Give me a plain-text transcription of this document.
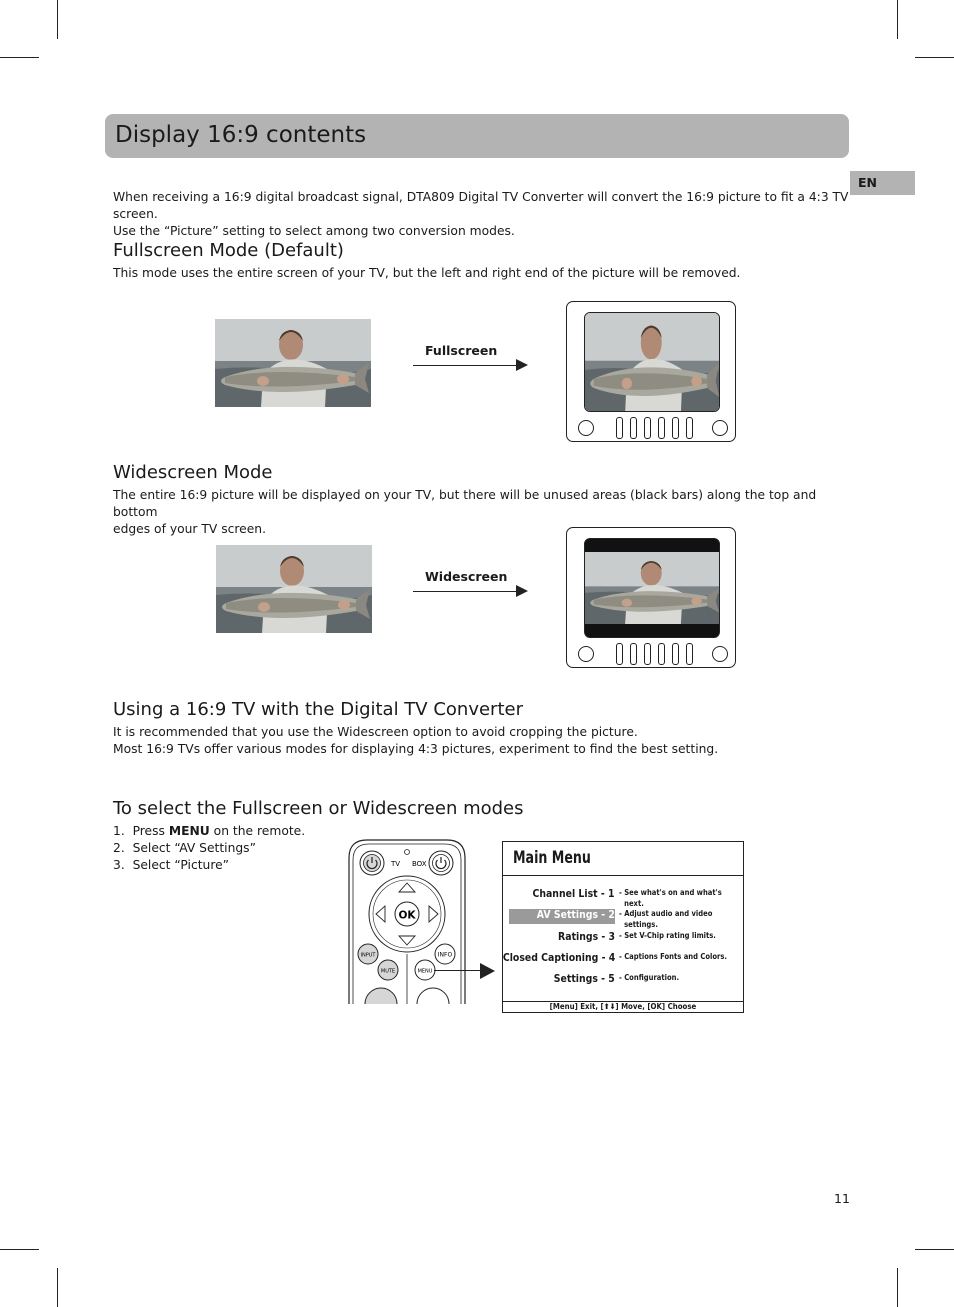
Display 16:9 contents
EN
When receiving a 16:9 digital broadcast signal, DTA809 Digital TV Converter will convert the 16:9 picture to fit a 4:3 TV screen.
Use the “Picture” setting to select among two conversion modes.
Fullscreen Mode (Default)
This mode uses the entire screen of your TV, but the left and right end of the picture will be removed.
Fullscreen
Widescreen Mode
The entire 16:9 picture will be displayed on your TV, but there will be unused areas (black bars) along the top and bottom
edges of your TV screen.
Widescreen
Using a 16:9 TV with the Digital TV Converter
It is recommended that you use the Widescreen option to avoid cropping the picture.
Most 16:9 TVs offer various modes for displaying 4:3 pictures, experiment to find the best setting.
To select the Fullscreen or Widescreen modes
1. Press MENU on the remote.
2. Select “AV Settings”
3. Select “Picture”	TV BOX
OK
INPUT	INFO
MUTE	MENU
Main Menu
Channel List - 1 - See what's on and what's
next.
AV Settings - 2 - Adjust audio and video
settings.
Ratings - 3 - Set V-Chip rating limits.
Closed Captioning - 4 - Captions Fonts and Colors.
Settings - 5 - Configuration.
[Menu] Exit, [⬆⬇] Move, [OK] Choose
11
